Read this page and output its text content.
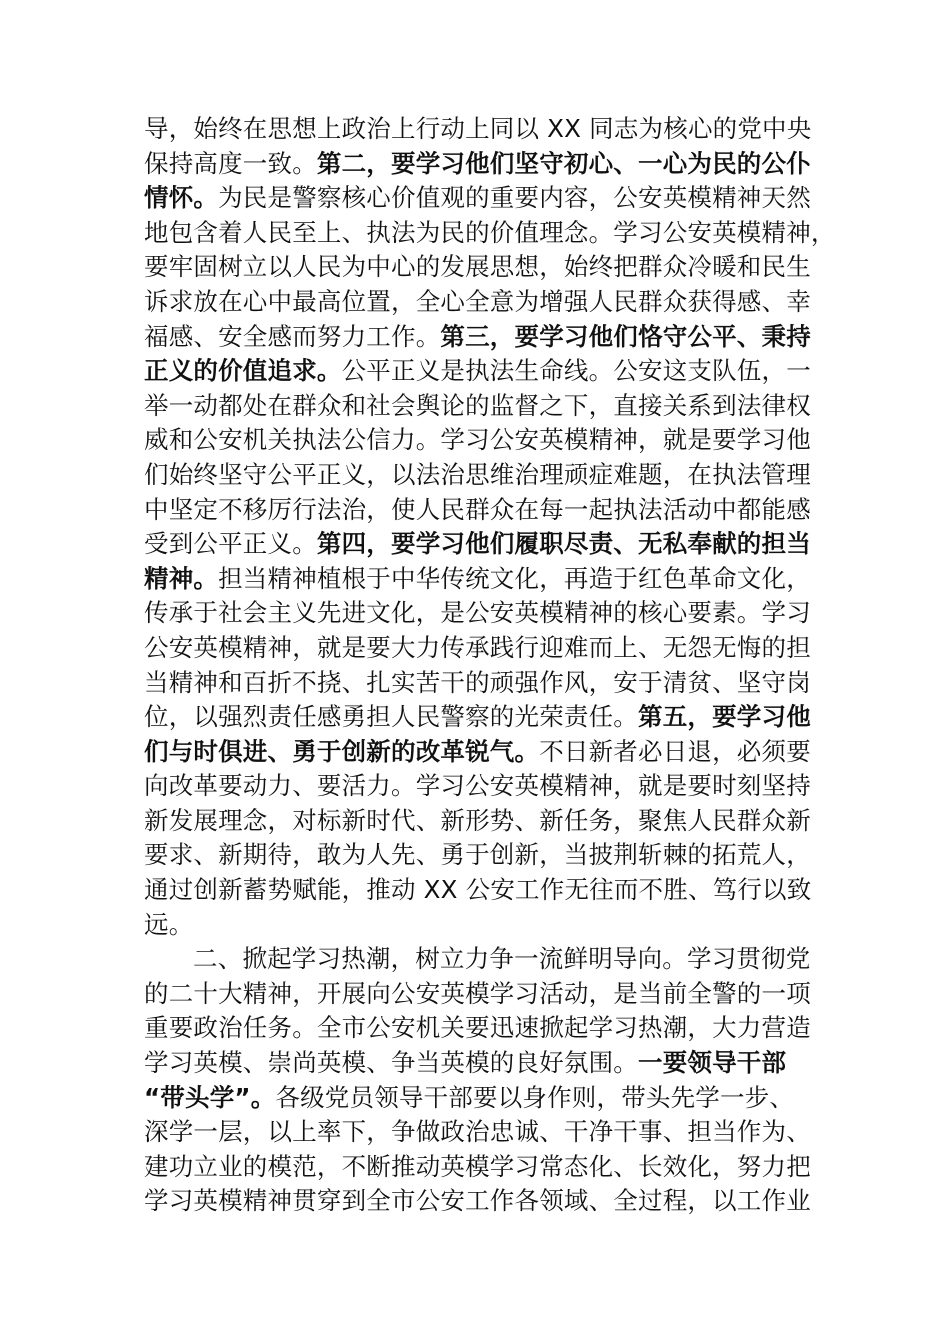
导，始终在思想上政治上行动上同以 XX 同志为核心的党中央
保持高度一致。第二，要学习他们坚守初心、一心为民的公仆
情怀。为民是警察核心价值观的重要内容，公安英模精神天然
地包含着人民至上、执法为民的价值理念。学习公安英模精神，
要牢固树立以人民为中心的发展思想，始终把群众冷暖和民生
诉求放在心中最高位置，全心全意为增强人民群众获得感、幸
福感、安全感而努力工作。第三，要学习他们恪守公平、秉持
正义的价值追求。公平正义是执法生命线。公安这支队伍，一
举一动都处在群众和社会舆论的监督之下，直接关系到法律权
威和公安机关执法公信力。学习公安英模精神，就是要学习他
们始终坚守公平正义，以法治思维治理顽症难题，在执法管理
中坚定不移厉行法治，使人民群众在每一起执法活动中都能感
受到公平正义。第四，要学习他们履职尽责、无私奉献的担当
精神。担当精神植根于中华传统文化，再造于红色革命文化，
传承于社会主义先进文化，是公安英模精神的核心要素。学习
公安英模精神，就是要大力传承践行迎难而上、无怨无悔的担
当精神和百折不挠、扎实苦干的顽强作风，安于清贫、坚守岗
位，以强烈责任感勇担人民警察的光荣责任。第五，要学习他
们与时俱进、勇于创新的改革锐气。不日新者必日退，必须要
向改革要动力、要活力。学习公安英模精神，就是要时刻坚持
新发展理念，对标新时代、新形势、新任务，聚焦人民群众新
要求、新期待，敢为人先、勇于创新，当披荆斩棘的拓荒人，
通过创新蓄势赋能，推动 XX 公安工作无往而不胜、笃行以致
远。
二、掀起学习热潮，树立力争一流鲜明导向。学习贯彻党
的二十大精神，开展向公安英模学习活动，是当前全警的一项
重要政治任务。全市公安机关要迅速掀起学习热潮，大力营造
学习英模、崇尚英模、争当英模的良好氛围。一要领导干部
“带头学”。各级党员领导干部要以身作则，带头先学一步、
深学一层，以上率下，争做政治忠诚、干净干事、担当作为、
建功立业的模范，不断推动英模学习常态化、长效化，努力把
学习英模精神贯穿到全市公安工作各领域、全过程，以工作业
